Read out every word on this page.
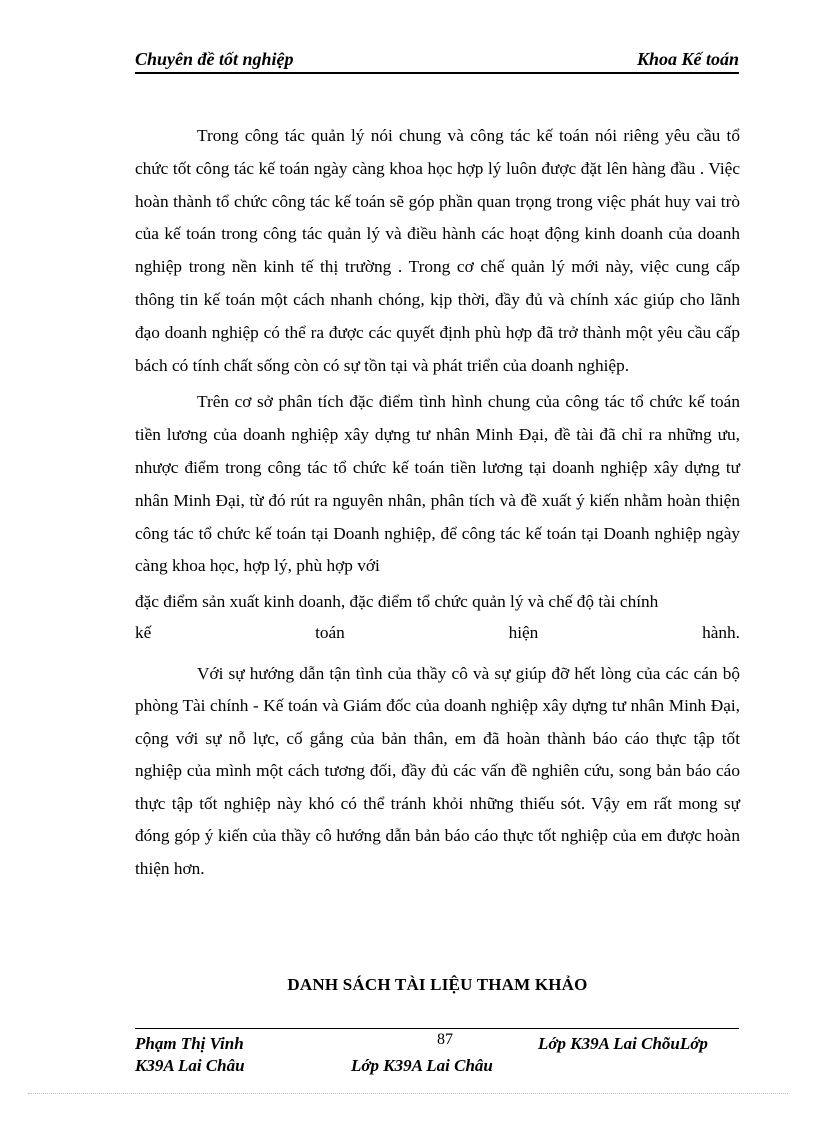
Chuyên đề tốt nghiệp	Khoa Kế toán

Trong công tác quản lý nói chung và công tác kế toán nói riêng yêu cầu tổ chức tốt công tác kế toán ngày càng khoa học hợp lý luôn được đặt lên hàng đầu . Việc hoàn thành tổ chức công tác kế toán sẽ góp phần quan trọng trong việc phát huy vai trò của kế toán trong công tác quản lý và điều hành các hoạt động kinh doanh của doanh nghiệp trong nền kinh tế thị trường . Trong cơ chế quản lý mới này, việc cung cấp thông tin kế toán một cách nhanh chóng, kịp thời, đầy đủ và chính xác giúp cho lãnh đạo doanh nghiệp có thể ra được các quyết định phù hợp đã trở thành một yêu cầu cấp bách có tính chất sống còn có sự tồn tại và phát triển của doanh nghiệp.

Trên cơ sở phân tích đặc điểm tình hình chung của công tác tổ chức kế toán tiền lương của doanh nghiệp xây dựng tư nhân Minh Đại, đề tài đã chỉ ra những ưu, nhược điểm trong công tác tổ chức kế toán tiền lương tại doanh nghiệp xây dựng tư nhân Minh Đại, từ đó rút ra nguyên nhân, phân tích và đề xuất ý kiến nhằm hoàn thiện công tác tổ chức kế toán tại Doanh nghiệp, để công tác kế toán tại Doanh nghiệp ngày càng khoa học, hợp lý, phù hợp với

đặc điểm sản xuất kinh doanh, đặc điểm tổ chức quản lý và chế độ tài chính

kế toán hiện hành.

Với sự hướng dẫn tận tình của thầy cô và sự giúp đỡ hết lòng của các cán bộ phòng Tài chính - Kế toán và Giám đốc của doanh nghiệp xây dựng tư nhân Minh Đại, cộng với sự nỗ lực, cố gắng của bản thân, em đã hoàn thành báo cáo thực tập tốt nghiệp của mình một cách tương đối, đầy đủ các vấn đề nghiên cứu, song bản báo cáo thực tập tốt nghiệp này khó có thể tránh khỏi những thiếu sót. Vậy em rất mong sự đóng góp ý kiến của thầy cô hướng dẫn bản báo cáo thực tốt nghiệp của em được hoàn thiện hơn.

DANH SÁCH TÀI LIỆU THAM KHẢO
Phạm Thị Vinh	87	Lớp K39A Lai ChõuLớp
K39A Lai Châu	Lớp K39A Lai Châu
